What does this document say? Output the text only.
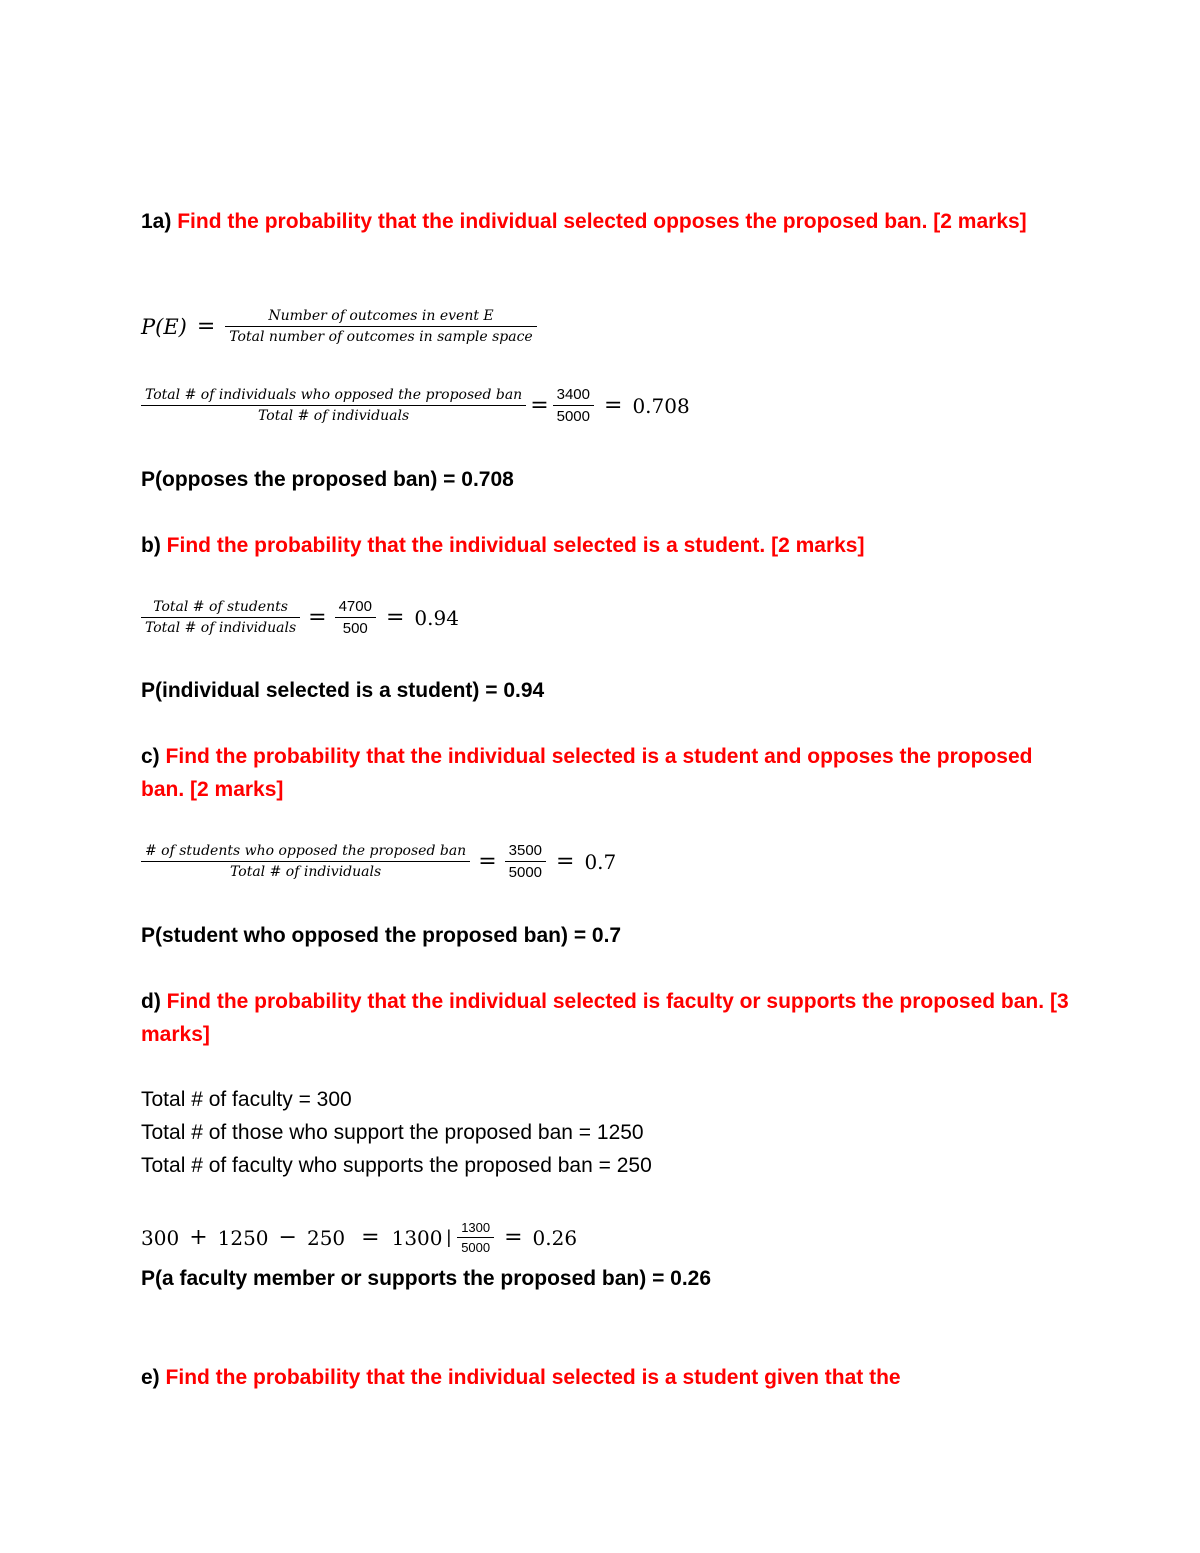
1a) Find the probability that the individual selected opposes the proposed ban. [2 marks]

$P(E) = \frac{\text{Number of outcomes in event E}}{\text{Total number of outcomes in sample space}}$
$\frac{\text{Total \# of individuals who opposed the proposed ban}}{\text{Total \# of individuals}} = \frac{3400}{5000} = 0.708$

P(opposes the proposed ban) = 0.708

b) Find the probability that the individual selected is a student. [2 marks]

$\frac{\text{Total \# of students}}{\text{Total \# of individuals}} = \frac{4700}{500} = 0.94$

P(individual selected is a student) = 0.94

c) Find the probability that the individual selected is a student and opposes the proposed ban. [2 marks]

$\frac{\text{\# of students who opposed the proposed ban}}{\text{Total \# of individuals}} = \frac{3500}{5000} = 0.7$

P(student who opposed the proposed ban) = 0.7

d) Find the probability that the individual selected is faculty or supports the proposed ban. [3 marks]

Total # of faculty = 300

Total # of those who support the proposed ban = 1250

Total # of faculty who supports the proposed ban = 250

300 + 1250 − 250 = 1300 | $\frac{1300}{5000} = 0.26$

P(a faculty member or supports the proposed ban) = 0.26

e) Find the probability that the individual selected is a student given that the
